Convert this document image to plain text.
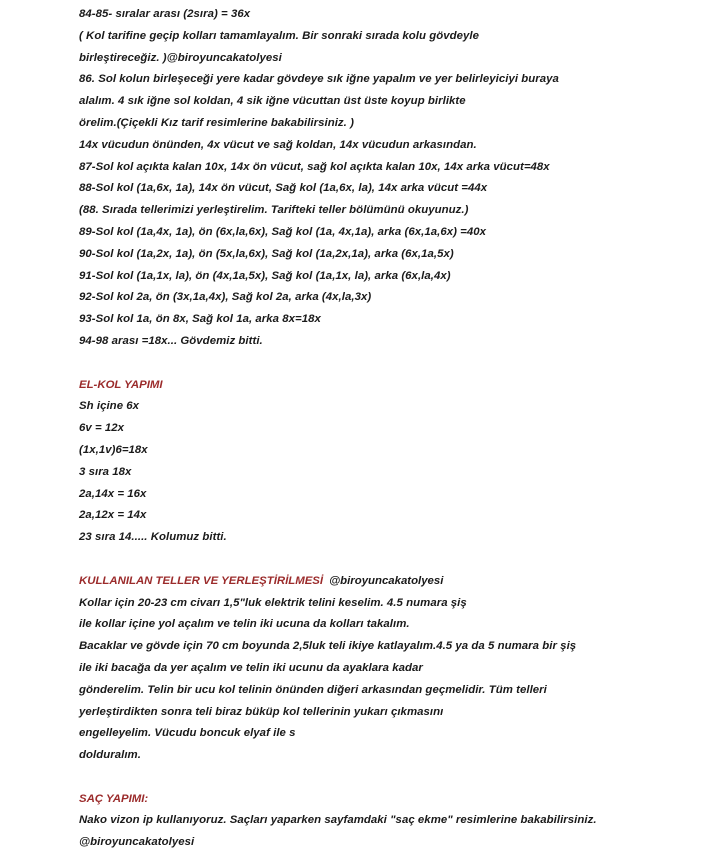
84-85- sıralar arası (2sıra) = 36x
( Kol tarifine geçip kolları tamamlayalım. Bir sonraki sırada kolu gövdeyle
birleştireceğiz. )@biroyuncakatolyesi
86. Sol kolun birleşeceği yere kadar gövdeye sık iğne yapalım ve yer belirleyiciyi buraya
alalım. 4 sık iğne sol koldan, 4 sik iğne vücuttan üst üste koyup birlikte
örelim.(Çiçekli Kız tarif resimlerine bakabilirsiniz. )
14x vücudun önünden, 4x vücut ve sağ koldan, 14x vücudun arkasından.
87-Sol kol açıkta kalan 10x, 14x ön vücut, sağ kol açıkta kalan 10x, 14x arka vücut=48x
88-Sol kol (1a,6x, 1a), 14x ön vücut, Sağ kol (1a,6x, la), 14x arka vücut =44x
(88. Sırada tellerimizi yerleştirelim. Tarifteki teller bölümünü okuyunuz.)
89-Sol kol (1a,4x, 1a), ön (6x,la,6x), Sağ kol (1a, 4x,1a), arka (6x,1a,6x) =40x
90-Sol kol (1a,2x, 1a), ön (5x,la,6x), Sağ kol (1a,2x,1a), arka (6x,1a,5x)
91-Sol kol (1a,1x, la), ön (4x,1a,5x), Sağ kol (1a,1x, la), arka (6x,la,4x)
92-Sol kol 2a, ön (3x,1a,4x), Sağ kol 2a, arka (4x,la,3x)
93-Sol kol 1a, ön 8x, Sağ kol 1a, arka 8x=18x
94-98 arası =18x... Gövdemiz bitti.
EL-KOL YAPIMI
Sh içine 6x
6v = 12x
(1x,1v)6=18x
3 sıra 18x
2a,14x = 16x
2a,12x = 14x
23 sıra 14..... Kolumuz bitti.
KULLANILAN TELLER VE YERLEŞTİRİLMESİ @biroyuncakatolyesi
Kollar için 20-23 cm civarı 1,5"luk elektrik telini keselim. 4.5 numara şiş
ile kollar içine yol açalım ve telin iki ucuna da kolları takalım.
Bacaklar ve gövde için 70 cm boyunda 2,5luk teli ikiye katlayalım.4.5 ya da 5 numara bir şiş
ile iki bacağa da yer açalım ve telin iki ucunu da ayaklara kadar
gönderelim. Telin bir ucu kol telinin önünden diğeri arkasından geçmelidir. Tüm telleri
yerleştirdikten sonra teli biraz büküp kol tellerinin yukarı çıkmasını
engelleyelim. Vücudu boncuk elyaf ile s
dolduralım.
SAÇ YAPIMI:
Nako vizon ip kullanıyoruz. Saçları yaparken sayfamdaki "saç ekme" resimlerine bakabilirsiniz.
@biroyuncakatolyesi
